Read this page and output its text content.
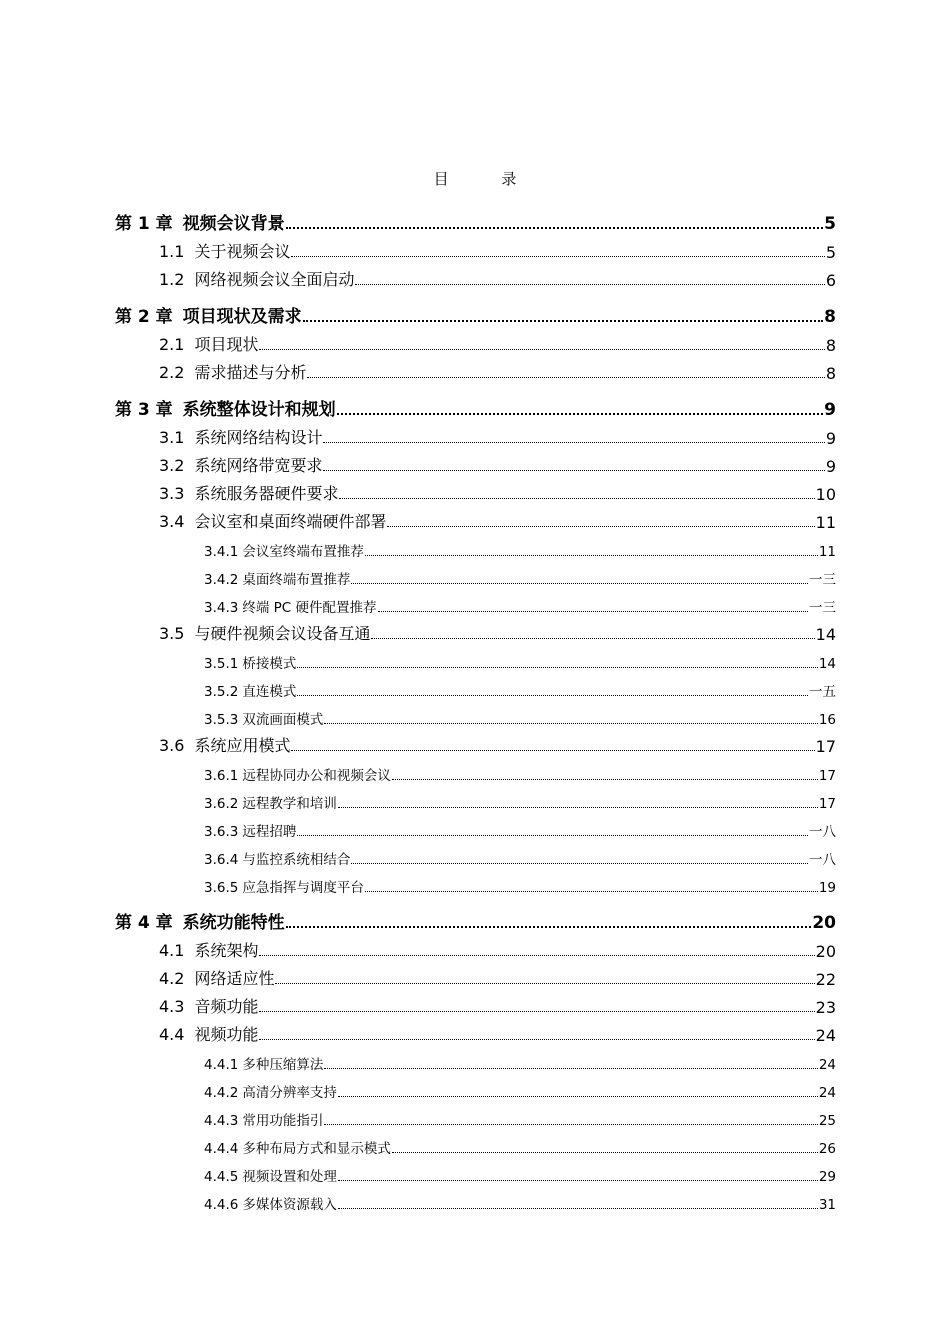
目	录
第 1 章 视频会议背景	5
1.1 关于视频会议	5
1.2 网络视频会议全面启动	6
第 2 章 项目现状及需求	8
2.1 项目现状	8
2.2 需求描述与分析	8
第 3 章 系统整体设计和规划	9
3.1 系统网络结构设计	9
3.2 系统网络带宽要求	9
3.3 系统服务器硬件要求	10
3.4 会议室和桌面终端硬件部署	11
3.4.1 会议室终端布置推荐	11
3.4.2 桌面终端布置推荐	一三
3.4.3 终端 PC 硬件配置推荐	一三
3.5 与硬件视频会议设备互通	14
3.5.1 桥接模式	14
3.5.2 直连模式	一五
3.5.3 双流画面模式	16
3.6 系统应用模式	17
3.6.1 远程协同办公和视频会议	17
3.6.2 远程教学和培训	17
3.6.3 远程招聘	一八
3.6.4 与监控系统相结合	一八
3.6.5 应急指挥与调度平台	19
第 4 章 系统功能特性	20
4.1 系统架构	20
4.2 网络适应性	22
4.3 音频功能	23
4.4 视频功能	24
4.4.1 多种压缩算法	24
4.4.2 高清分辨率支持	24
4.4.3 常用功能指引	25
4.4.4 多种布局方式和显示模式	26
4.4.5 视频设置和处理	29
4.4.6 多媒体资源载入	31
